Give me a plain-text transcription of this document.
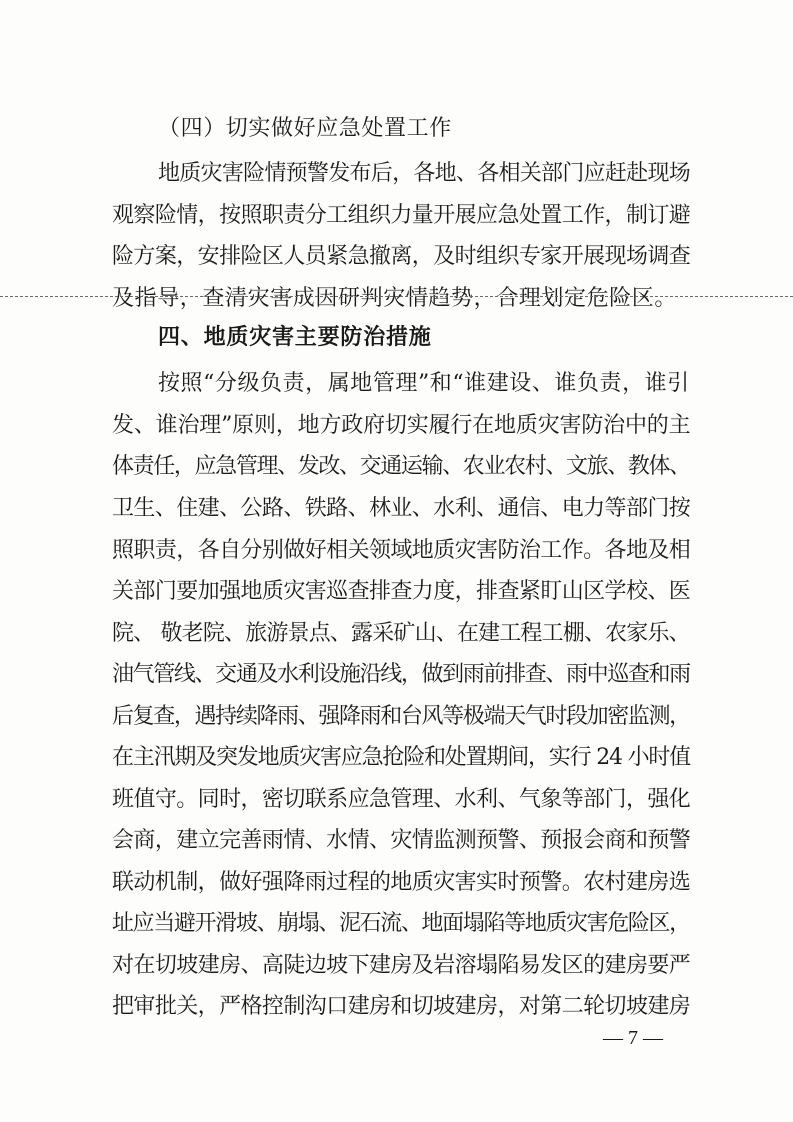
（四）切实做好应急处置工作
地质灾害险情预警发布后，各地、各相关部门应赶赴现场
观察险情，按照职责分工组织力量开展应急处置工作，制订避
险方案，安排险区人员紧急撤离，及时组织专家开展现场调查
及指导，查清灾害成因研判灾情趋势，合理划定危险区。
四、地质灾害主要防治措施
按照“分级负责，属地管理”和“谁建设、谁负责，谁引
发、谁治理”原则，地方政府切实履行在地质灾害防治中的主
体责任，应急管理、发改、交通运输、农业农村、文旅、教体、
卫生、住建、公路、铁路、林业、水利、通信、电力等部门按
照职责，各自分别做好相关领域地质灾害防治工作。各地及相
关部门要加强地质灾害巡查排查力度，排查紧盯山区学校、医
院、 敬老院、旅游景点、露采矿山、在建工程工棚、农家乐、
油气管线、交通及水利设施沿线，做到雨前排查、雨中巡查和雨
后复查，遇持续降雨、强降雨和台风等极端天气时段加密监测，
在主汛期及突发地质灾害应急抢险和处置期间，实行 24 小时值
班值守。同时，密切联系应急管理、水利、气象等部门，强化
会商，建立完善雨情、水情、灾情监测预警、预报会商和预警
联动机制，做好强降雨过程的地质灾害实时预警。农村建房选
址应当避开滑坡、崩塌、泥石流、地面塌陷等地质灾害危险区，
对在切坡建房、高陡边坡下建房及岩溶塌陷易发区的建房要严
把审批关，严格控制沟口建房和切坡建房，对第二轮切坡建房
— 7 —
